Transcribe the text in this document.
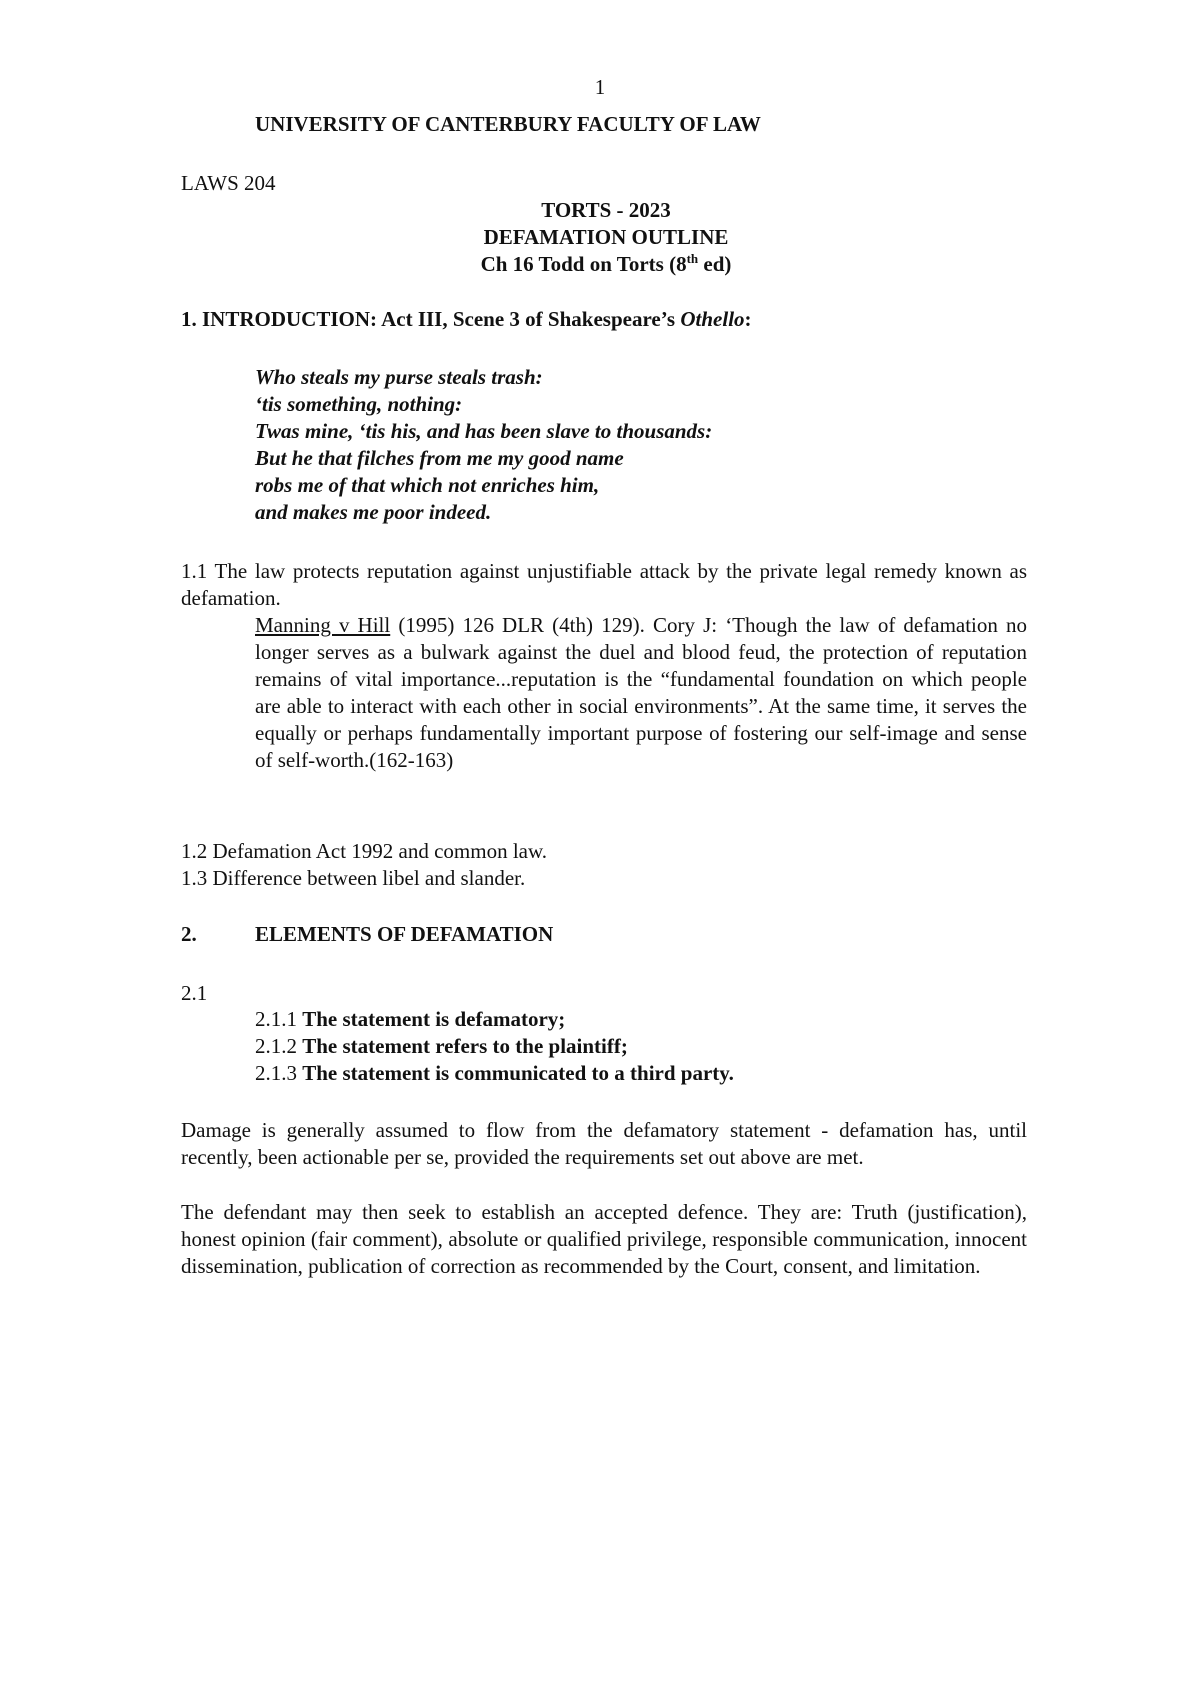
1
UNIVERSITY OF CANTERBURY FACULTY OF LAW
LAWS 204
TORTS - 2023
DEFAMATION OUTLINE
Ch 16 Todd on Torts (8th ed)
1. INTRODUCTION: Act III, Scene 3 of Shakespeare’s Othello:
Who steals my purse steals trash:
‘tis something, nothing:
Twas mine, ‘tis his, and has been slave to thousands:
But he that filches from me my good name
robs me of that which not enriches him,
and makes me poor indeed.
1.1 The law protects reputation against unjustifiable attack by the private legal remedy known as defamation.
Manning v Hill (1995) 126 DLR (4th) 129). Cory J: ‘Though the law of defamation no longer serves as a bulwark against the duel and blood feud, the protection of reputation remains of vital importance...reputation is the “fundamental foundation on which people are able to interact with each other in social environments”. At the same time, it serves the equally or perhaps fundamentally important purpose of fostering our self-image and sense of self-worth.(162-163)
1.2 Defamation Act 1992 and common law.
1.3 Difference between libel and slander.
2.	ELEMENTS OF DEFAMATION
2.1
2.1.1 The statement is defamatory;
2.1.2 The statement refers to the plaintiff;
2.1.3 The statement is communicated to a third party.
Damage is generally assumed to flow from the defamatory statement - defamation has, until recently, been actionable per se, provided the requirements set out above are met.
The defendant may then seek to establish an accepted defence. They are: Truth (justification), honest opinion (fair comment), absolute or qualified privilege, responsible communication, innocent dissemination, publication of correction as recommended by the Court, consent, and limitation.
